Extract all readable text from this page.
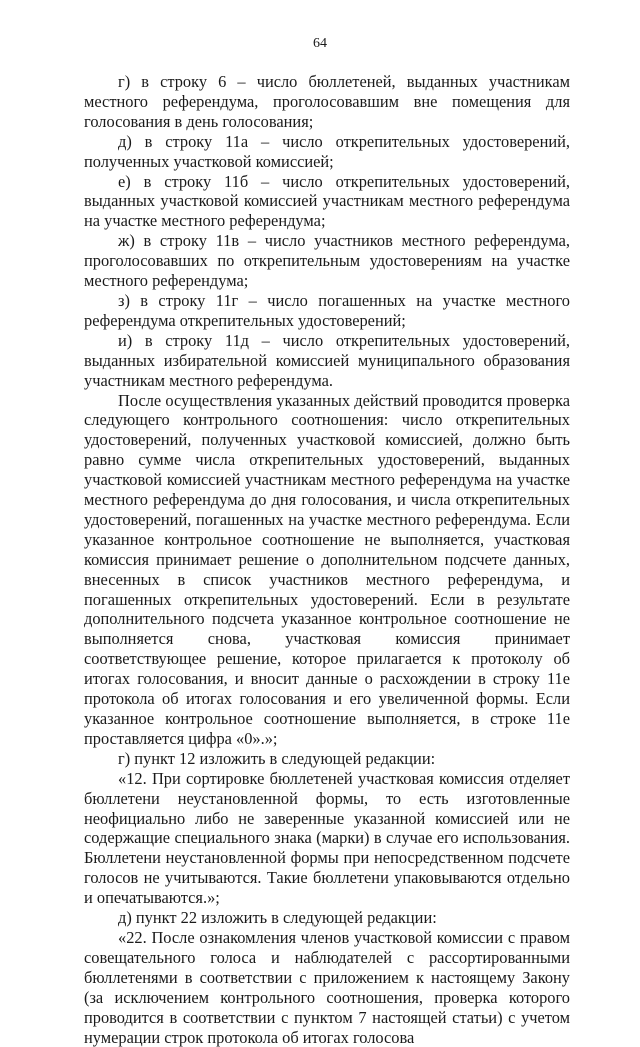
64

г) в строку 6 – число бюллетеней, выданных участникам местного референдума, проголосовавшим вне помещения для голосования в день голосования;

д) в строку 11а – число открепительных удостоверений, полученных участковой комиссией;

е) в строку 11б – число открепительных удостоверений, выданных участковой комиссией участникам местного референдума на участке местного референдума;

ж) в строку 11в – число участников местного референдума, проголосовавших по открепительным удостоверениям на участке местного референдума;

з) в строку 11г – число погашенных на участке местного референдума открепительных удостоверений;

и) в строку 11д – число открепительных удостоверений, выданных избирательной комиссией муниципального образования участникам местного референдума.

После осуществления указанных действий проводится проверка следующего контрольного соотношения: число открепительных удостоверений, полученных участковой комиссией, должно быть равно сумме числа открепительных удостоверений, выданных участковой комиссией участникам местного референдума на участке местного референдума до дня голосования, и числа открепительных удостоверений, погашенных на участке местного референдума. Если указанное контрольное соотношение не выполняется, участковая комиссия принимает решение о дополнительном подсчете данных, внесенных в список участников местного референдума, и погашенных открепительных удостоверений. Если в результате дополнительного подсчета указанное контрольное соотношение не выполняется снова, участковая комиссия принимает соответствующее решение, которое прилагается к протоколу об итогах голосования, и вносит данные о расхождении в строку 11е протокола об итогах голосования и его увеличенной формы. Если указанное контрольное соотношение выполняется, в строке 11е проставляется цифра «0».»;

г) пункт 12 изложить в следующей редакции:

«12. При сортировке бюллетеней участковая комиссия отделяет бюллетени неустановленной формы, то есть изготовленные неофициально либо не заверенные указанной комиссией или не содержащие специального знака (марки) в случае его использования. Бюллетени неустановленной формы при непосредственном подсчете голосов не учитываются. Такие бюллетени упаковываются отдельно и опечатываются.»;

д) пункт 22 изложить в следующей редакции:

«22. После ознакомления членов участковой комиссии с правом совещательного голоса и наблюдателей с рассортированными бюллетенями в соответствии с приложением к настоящему Закону (за исключением контрольного соотношения, проверка которого проводится в соответствии с пунктом 7 настоящей статьи) с учетом нумерации строк протокола об итогах голосова
